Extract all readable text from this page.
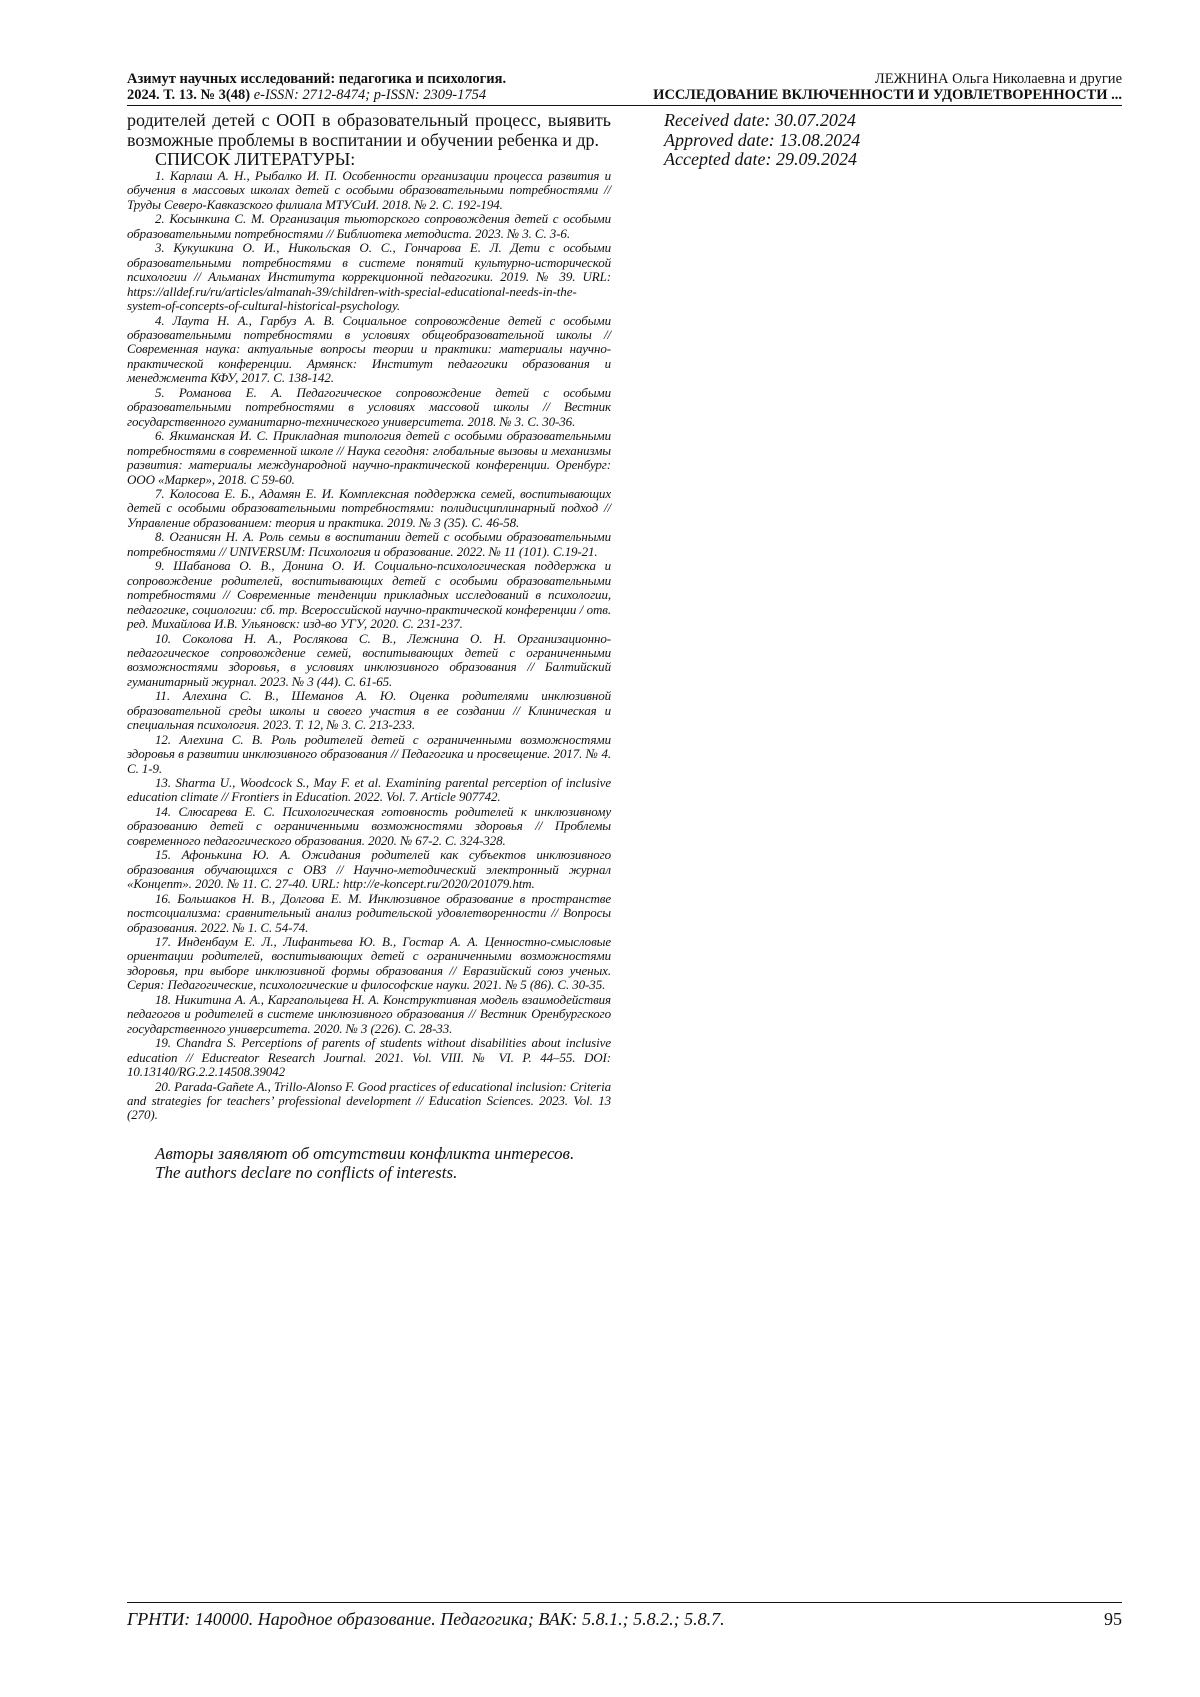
Азимут научных исследований: педагогика и психология.
2024. Т. 13. № 3(48) e-ISSN: 2712-8474; p-ISSN: 2309-1754
ЛЕЖНИНА Ольга Николаевна и другие
ИССЛЕДОВАНИЕ ВКЛЮЧЕННОСТИ И УДОВЛЕТВОРЕННОСТИ ...

родителей детей с ООП в образовательный процесс, выявить возможные проблемы в воспитании и обучении ребенка и др.

СПИСОК ЛИТЕРАТУРЫ:

1. Карлаш А. Н., Рыбалко И. П. Особенности организации процесса развития и обучения в массовых школах детей с особыми образовательными потребностями // Труды Северо-Кавказского филиала МТУСиИ. 2018. № 2. С. 192-194.
2. Косынкина С. М. Организация тьюторского сопровождения детей с особыми образовательными потребностями // Библиотека методиста. 2023. № 3. С. 3-6.
3. Кукушкина О. И., Никольская О. С., Гончарова Е. Л. Дети с особыми образовательными потребностями в системе понятий культурно-исторической психологии // Альманах Института коррекционной педагогики. 2019. № 39. URL: https://alldef.ru/ru/articles/almanah-39/children-with-special-educational-needs-in-the-system-of-concepts-of-cultural-historical-psychology.
4. Лаута Н. А., Гарбуз А. В. Социальное сопровождение детей с особыми образовательными потребностями в условиях общеобразовательной школы // Современная наука: актуальные вопросы теории и практики: материалы научно-практической конференции. Армянск: Институт педагогики образования и менеджмента КФУ, 2017. С. 138-142.
5. Романова Е. А. Педагогическое сопровождение детей с особыми образовательными потребностями в условиях массовой школы // Вестник государственного гуманитарно-технического университета. 2018. № 3. С. 30-36.
6. Якиманская И. С. Прикладная типология детей с особыми образовательными потребностями в современной школе // Наука сегодня: глобальные вызовы и механизмы развития: материалы международной научно-практической конференции. Оренбург: ООО «Маркер», 2018. С 59-60.
7. Колосова Е. Б., Адамян Е. И. Комплексная поддержка семей, воспитывающих детей с особыми образовательными потребностями: полидисциплинарный подход // Управление образованием: теория и практика. 2019. № 3 (35). С. 46-58.
8. Оганисян Н. А. Роль семьи в воспитании детей с особыми образовательными потребностями // UNIVERSUM: Психология и образование. 2022. № 11 (101). С.19-21.
9. Шабанова О. В., Донина О. И. Социально-психологическая поддержка и сопровождение родителей, воспитывающих детей с особыми образовательными потребностями // Современные тенденции прикладных исследований в психологии, педагогике, социологии: сб. тр. Всероссийской научно-практической конференции / отв. ред. Михайлова И.В. Ульяновск: изд-во УГУ, 2020. С. 231-237.
10. Соколова Н. А., Рослякова С. В., Лежнина О. Н. Организационно-педагогическое сопровождение семей, воспитывающих детей с ограниченными возможностями здоровья, в условиях инклюзивного образования // Балтийский гуманитарный журнал. 2023. № 3 (44). С. 61-65.
11. Алехина С. В., Шеманов А. Ю. Оценка родителями инклюзивной образовательной среды школы и своего участия в ее создании // Клиническая и специальная психология. 2023. Т. 12, № 3. С. 213-233.
12. Алехина С. В. Роль родителей детей с ограниченными возможностями здоровья в развитии инклюзивного образования // Педагогика и просвещение. 2017. № 4. С. 1-9.
13. Sharma U., Woodcock S., May F. et al. Examining parental perception of inclusive education climate // Frontiers in Education. 2022. Vol. 7. Article 907742.
14. Слюсарева Е. С. Психологическая готовность родителей к инклюзивному образованию детей с ограниченными возможностями здоровья // Проблемы современного педагогического образования. 2020. № 67-2. С. 324-328.
15. Афонькина Ю. А. Ожидания родителей как субъектов инклюзивного образования обучающихся с ОВЗ // Научно-методический электронный журнал «Концепт». 2020. № 11. С. 27-40. URL: http://e-koncept.ru/2020/201079.htm.
16. Большаков Н. В., Долгова Е. М. Инклюзивное образование в пространстве постсоциализма: сравнительный анализ родительской удовлетворенности // Вопросы образования. 2022. № 1. С. 54-74.
17. Инденбаум Е. Л., Лифантьева Ю. В., Гостар А. А. Ценностно-смысловые ориентации родителей, воспитывающих детей с ограниченными возможностями здоровья, при выборе инклюзивной формы образования // Евразийский союз ученых. Серия: Педагогические, психологические и философские науки. 2021. № 5 (86). С. 30-35.
18. Никитина А. А., Каргапольцева Н. А. Конструктивная модель взаимодействия педагогов и родителей в системе инклюзивного образования // Вестник Оренбургского государственного университета. 2020. № 3 (226). С. 28-33.
19. Chandra S. Perceptions of parents of students without disabilities about inclusive education // Educreator Research Journal. 2021. Vol. VIII. № VI. P. 44–55. DOI: 10.13140/RG.2.2.14508.39042
20. Parada-Gañete A., Trillo-Alonso F. Good practices of educational inclusion: Criteria and strategies for teachers’ professional development // Education Sciences. 2023. Vol. 13 (270).

Авторы заявляют об отсутствии конфликта интересов.

The authors declare no conflicts of interests.

Received date: 30.07.2024
Approved date: 13.08.2024
Accepted date: 29.09.2024
ГРНТИ: 140000. Народное образование. Педагогика; ВАК: 5.8.1.; 5.8.2.; 5.8.7.	95
